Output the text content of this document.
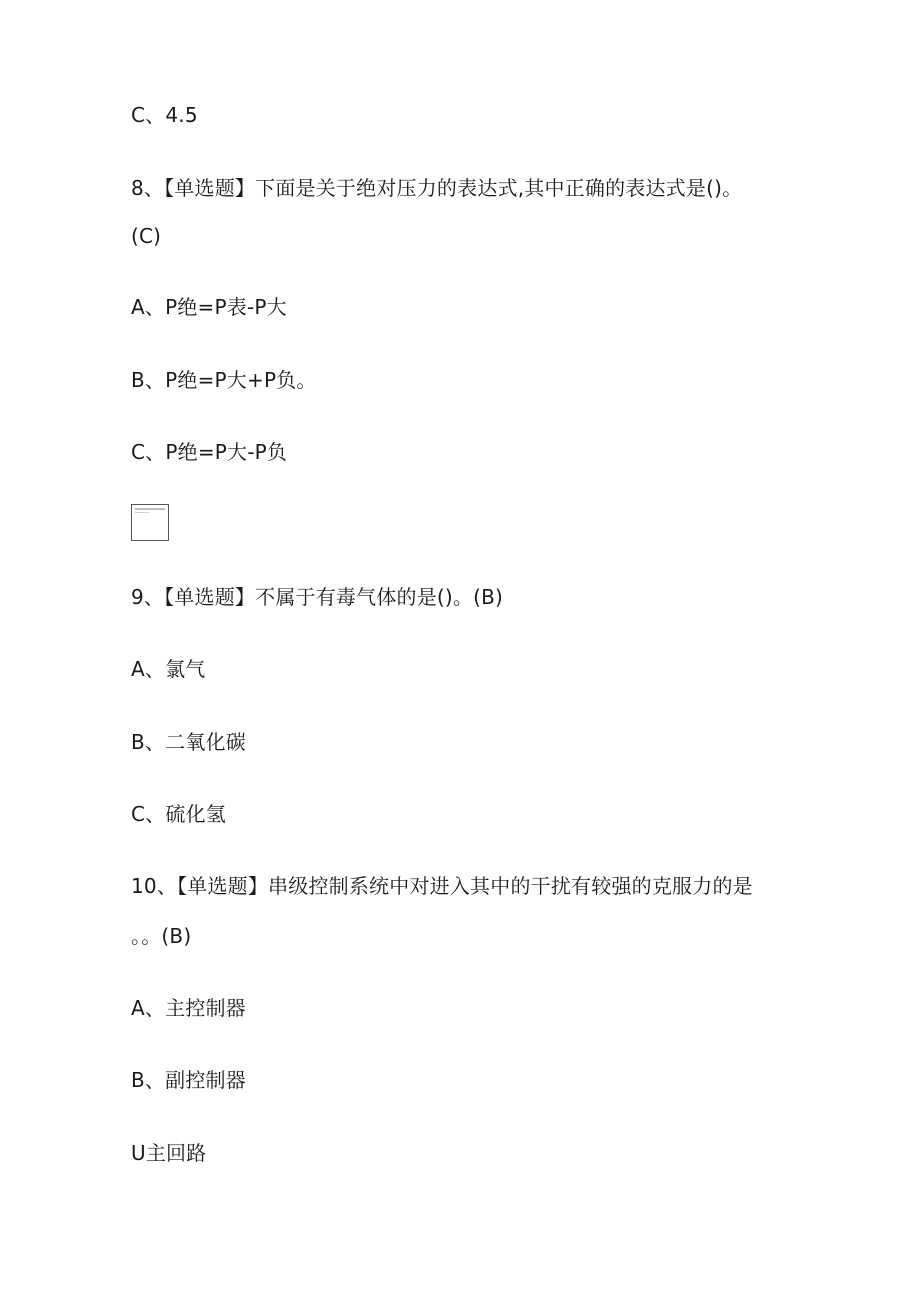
C、4.5
8、【单选题】下面是关于绝对压力的表达式,其中正确的表达式是()。
(C)
A、P绝=P表-P大
B、P绝=P大+P负。
C、P绝=P大-P负
9、【单选题】不属于有毒气体的是()。(B)
A、氯气
B、二氧化碳
C、硫化氢
10、【单选题】串级控制系统中对进入其中的干扰有较强的克服力的是
。。(B)
A、主控制器
B、副控制器
U主回路
